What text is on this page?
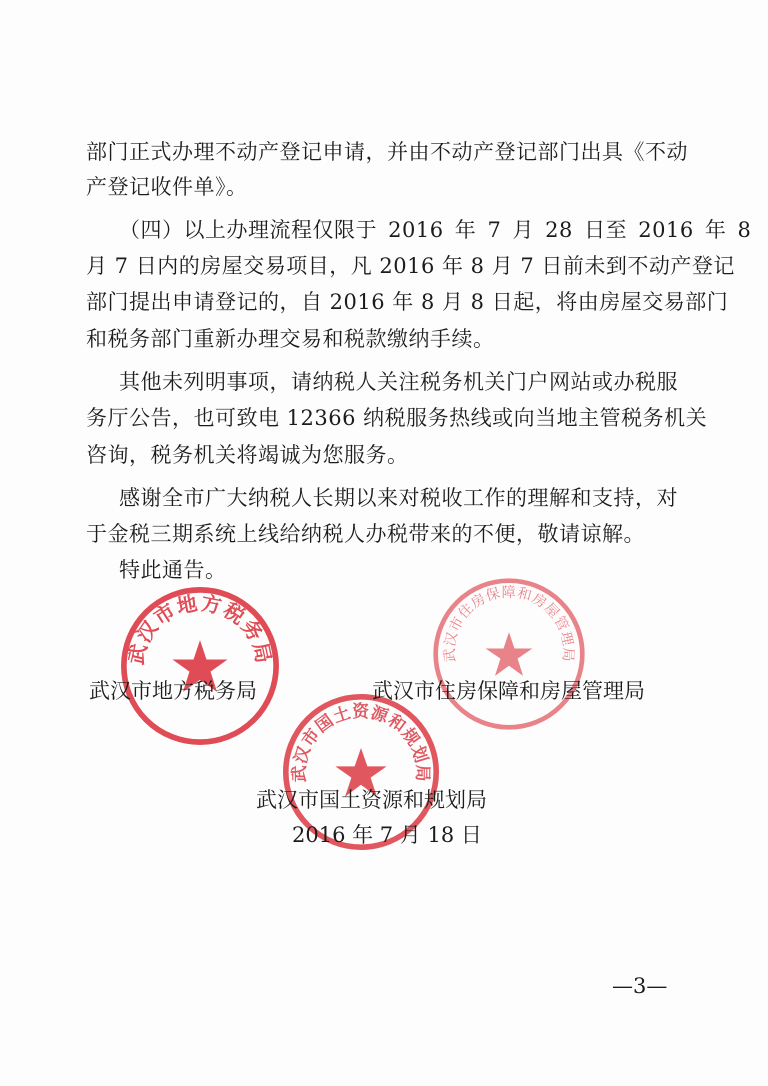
部门正式办理不动产登记申请，并由不动产登记部门出具《不动
产登记收件单》。
（四）以上办理流程仅限于 2016 年 7 月 28 日至 2016 年 8
月 7 日内的房屋交易项目，凡 2016 年 8 月 7 日前未到不动产登记
部门提出申请登记的，自 2016 年 8 月 8 日起，将由房屋交易部门
和税务部门重新办理交易和税款缴纳手续。
其他未列明事项，请纳税人关注税务机关门户网站或办税服
务厅公告，也可致电 12366 纳税服务热线或向当地主管税务机关
咨询，税务机关将竭诚为您服务。
感谢全市广大纳税人长期以来对税收工作的理解和支持，对
于金税三期系统上线给纳税人办税带来的不便，敬请谅解。
特此通告。
武汉市地方税务局	武汉市住房保障和房屋管理局
武汉市国土资源和规划局
武汉市地方税务局	武汉市住房保障和房屋管理局
武汉市国土资源和规划局
2016 年 7 月 18 日
—3—
